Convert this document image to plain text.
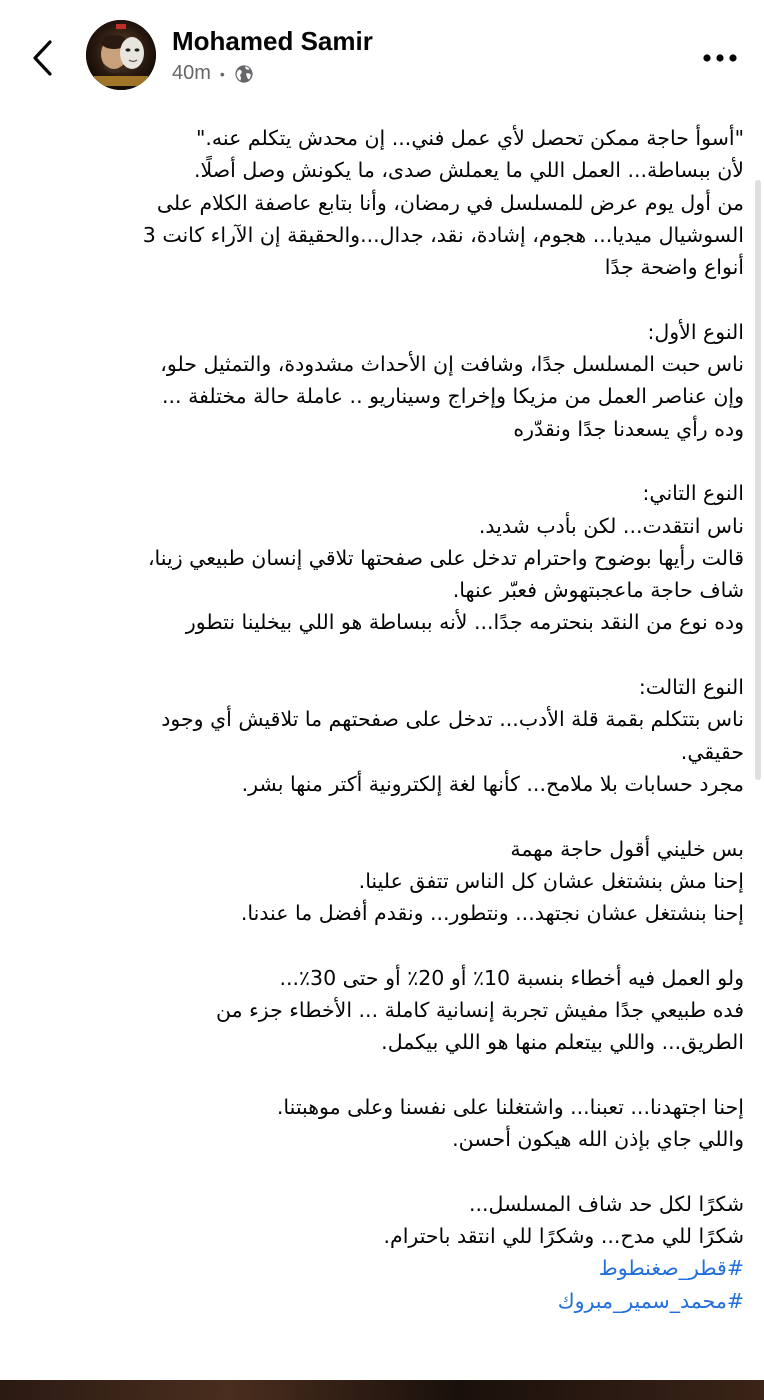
Mohamed Samir
40m •
"أسوأ حاجة ممكن تحصل لأي عمل فني... إن محدش يتكلم عنه."
لأن ببساطة... العمل اللي ما يعملش صدى، ما يكونش وصل أصلًا.
من أول يوم عرض للمسلسل في رمضان، وأنا بتابع عاصفة الكلام على
السوشيال ميديا... هجوم، إشادة، نقد، جدال...والحقيقة إن الآراء كانت 3
أنواع واضحة جدًا
النوع الأول:
ناس حبت المسلسل جدًا، وشافت إن الأحداث مشدودة، والتمثيل حلو،
وإن عناصر العمل من مزيكا وإخراج وسيناريو .. عاملة حالة مختلفة ...
وده رأي يسعدنا جدًا ونقدّره
النوع التاني:
ناس انتقدت... لكن بأدب شديد.
قالت رأيها بوضوح واحترام تدخل على صفحتها تلاقي إنسان طبيعي زينا،
شاف حاجة ماعجبتهوش فعبّر عنها.
وده نوع من النقد بنحترمه جدًا... لأنه ببساطة هو اللي بيخلينا نتطور
النوع التالت:
ناس بتتكلم بقمة قلة الأدب... تدخل على صفحتهم ما تلاقيش أي وجود
حقيقي.
مجرد حسابات بلا ملامح... كأنها لغة إلكترونية أكتر منها بشر.
بس خليني أقول حاجة مهمة
إحنا مش بنشتغل عشان كل الناس تتفق علينا.
إحنا بنشتغل عشان نجتهد... ونتطور... ونقدم أفضل ما عندنا.
ولو العمل فيه أخطاء بنسبة 10٪ أو 20٪ أو حتى 30٪...
فده طبيعي جدًا مفيش تجربة إنسانية كاملة ... الأخطاء جزء من
الطريق... واللي بيتعلم منها هو اللي بيكمل.
إحنا اجتهدنا... تعبنا... واشتغلنا على نفسنا وعلى موهبتنا.
واللي جاي بإذن الله هيكون أحسن.
شكرًا لكل حد شاف المسلسل...
شكرًا للي مدح... وشكرًا للي انتقد باحترام.
#قطر_صغنطوط
#محمد_سمير_مبروك
